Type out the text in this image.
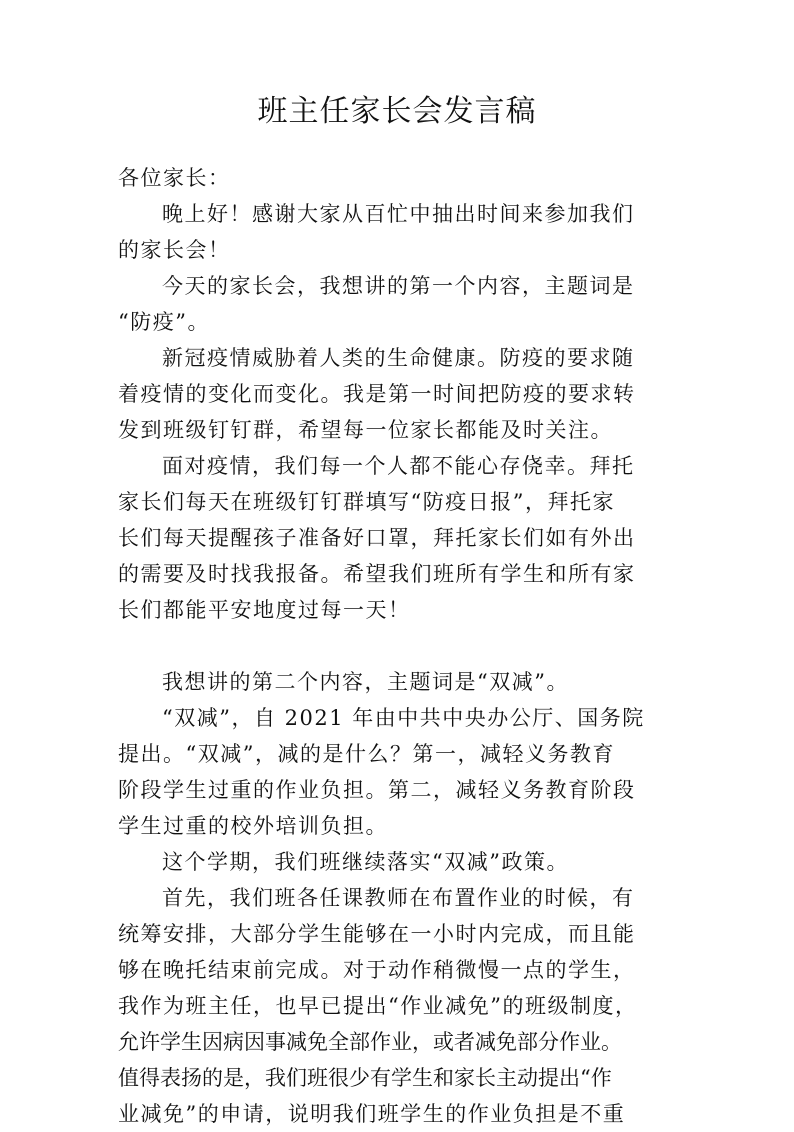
班主任家长会发言稿
各位家长：
晚上好！感谢大家从百忙中抽出时间来参加我们
的家长会！
今天的家长会，我想讲的第一个内容，主题词是
“防疫”。
新冠疫情威胁着人类的生命健康。防疫的要求随
着疫情的变化而变化。我是第一时间把防疫的要求转
发到班级钉钉群，希望每一位家长都能及时关注。
面对疫情，我们每一个人都不能心存侥幸。拜托
家长们每天在班级钉钉群填写“防疫日报”，拜托家
长们每天提醒孩子准备好口罩，拜托家长们如有外出
的需要及时找我报备。希望我们班所有学生和所有家
长们都能平安地度过每一天！
我想讲的第二个内容，主题词是“双减”。
“双减”，自 2021 年由中共中央办公厅、国务院
提出。“双减”，减的是什么？第一，减轻义务教育
阶段学生过重的作业负担。第二，减轻义务教育阶段
学生过重的校外培训负担。
这个学期，我们班继续落实“双减”政策。
首先，我们班各任课教师在布置作业的时候，有
统筹安排，大部分学生能够在一小时内完成，而且能
够在晚托结束前完成。对于动作稍微慢一点的学生，
我作为班主任，也早已提出“作业减免”的班级制度，
允许学生因病因事减免全部作业，或者减免部分作业。
值得表扬的是，我们班很少有学生和家长主动提出“作
业减免”的申请，说明我们班学生的作业负担是不重
